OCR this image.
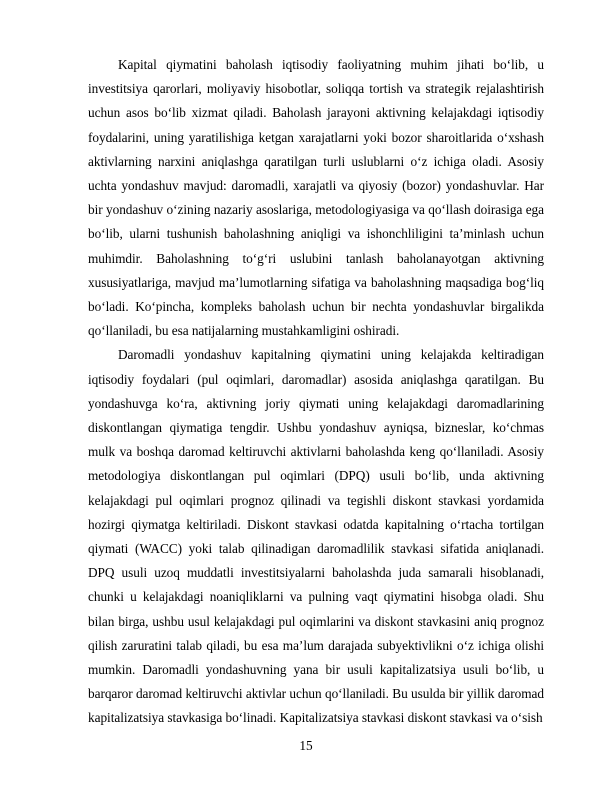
Kapital qiymatini baholash iqtisodiy faoliyatning muhim jihati boʻlib, u investitsiya qarorlari, moliyaviy hisobotlar, soliqqa tortish va strategik rejalashtirish uchun asos boʻlib xizmat qiladi. Baholash jarayoni aktivning kelajakdagi iqtisodiy foydalarini, uning yaratilishiga ketgan xarajatlarni yoki bozor sharoitlarida oʻxshash aktivlarning narxini aniqlashga qaratilgan turli uslublarni oʻz ichiga oladi. Asosiy uchta yondashuv mavjud: daromadli, xarajatli va qiyosiy (bozor) yondashuvlar. Har bir yondashuv oʻzining nazariy asoslariga, metodologiyasiga va qoʻllash doirasiga ega boʻlib, ularni tushunish baholashning aniqligi va ishonchliligini taʼminlash uchun muhimdir. Baholashning toʻgʻri uslubini tanlash baholanayotgan aktivning xususiyatlariga, mavjud maʼlumotlarning sifatiga va baholashning maqsadiga bogʻliq boʻladi. Koʻpincha, kompleks baholash uchun bir nechta yondashuvlar birgalikda qoʻllaniladi, bu esa natijalarning mustahkamligini oshiradi.

Daromadli yondashuv kapitalning qiymatini uning kelajakda keltiradigan iqtisodiy foydalari (pul oqimlari, daromadlar) asosida aniqlashga qaratilgan. Bu yondashuvga koʻra, aktivning joriy qiymati uning kelajakdagi daromadlarining diskontlangan qiymatiga tengdir. Ushbu yondashuv ayniqsa, bizneslar, koʻchmas mulk va boshqa daromad keltiruvchi aktivlarni baholashda keng qoʻllaniladi. Asosiy metodologiya diskontlangan pul oqimlari (DPQ) usuli boʻlib, unda aktivning kelajakdagi pul oqimlari prognoz qilinadi va tegishli diskont stavkasi yordamida hozirgi qiymatga keltiriladi. Diskont stavkasi odatda kapitalning oʻrtacha tortilgan qiymati (WACC) yoki talab qilinadigan daromadlilik stavkasi sifatida aniqlanadi. DPQ usuli uzoq muddatli investitsiyalarni baholashda juda samarali hisoblanadi, chunki u kelajakdagi noaniqliklarni va pulning vaqt qiymatini hisobga oladi. Shu bilan birga, ushbu usul kelajakdagi pul oqimlarini va diskont stavkasini aniq prognoz qilish zaruratini talab qiladi, bu esa maʼlum darajada subyektivlikni oʻz ichiga olishi mumkin. Daromadli yondashuvning yana bir usuli kapitalizatsiya usuli boʻlib, u barqaror daromad keltiruvchi aktivlar uchun qoʻllaniladi. Bu usulda bir yillik daromad kapitalizatsiya stavkasiga boʻlinadi. Kapitalizatsiya stavkasi diskont stavkasi va oʻsish

15
